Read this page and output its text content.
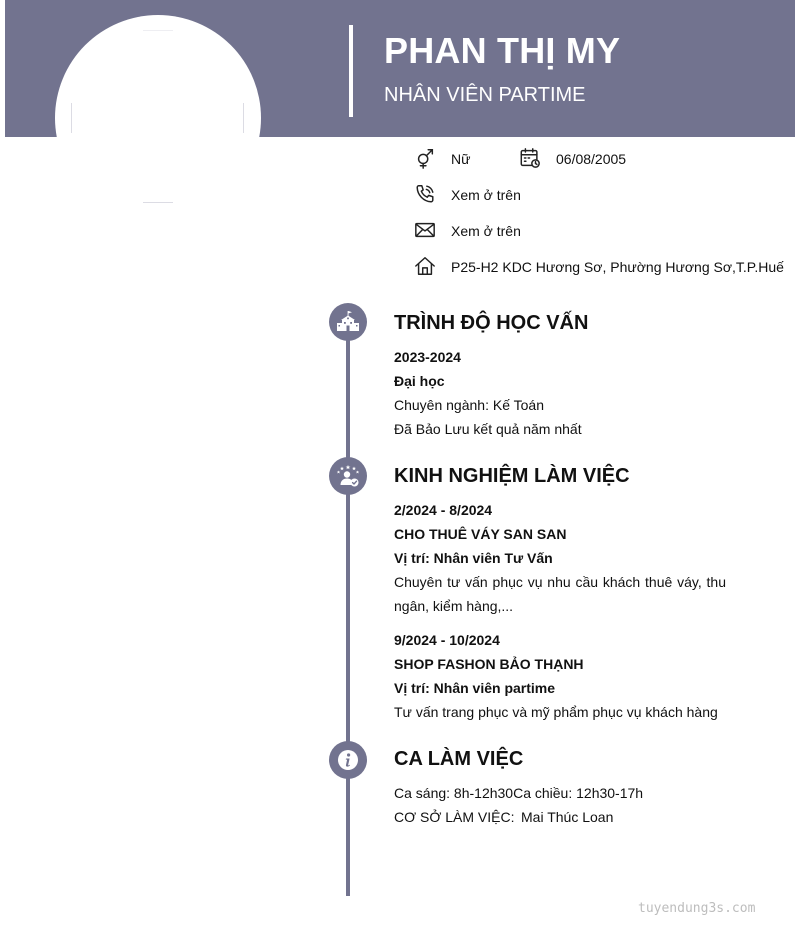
PHAN THỊ MY
NHÂN VIÊN PARTIME
Nữ	06/08/2005
Xem ở trên
Xem ở trên
P25-H2 KDC Hương Sơ, Phường Hương Sơ,T.P.Huế
TRÌNH ĐỘ HỌC VẤN
2023-2024
Đại học
Chuyên ngành: Kế Toán
Đã Bảo Lưu kết quả năm nhất
KINH NGHIỆM LÀM VIỆC
2/2024 - 8/2024
CHO THUÊ VÁY SAN SAN
Vị trí: Nhân viên Tư Vấn
Chuyên tư vấn phục vụ nhu cầu khách thuê váy, thu ngân, kiểm hàng,...
9/2024 - 10/2024
SHOP FASHON BẢO THẠNH
Vị trí: Nhân viên partime
Tư vấn trang phục và mỹ phẩm phục vụ khách hàng
CA LÀM VIỆC
Ca sáng: 8h-12h30Ca chiều: 12h30-17h
CƠ SỞ LÀM VIỆC: Mai Thúc Loan
tuyendung3s.com
